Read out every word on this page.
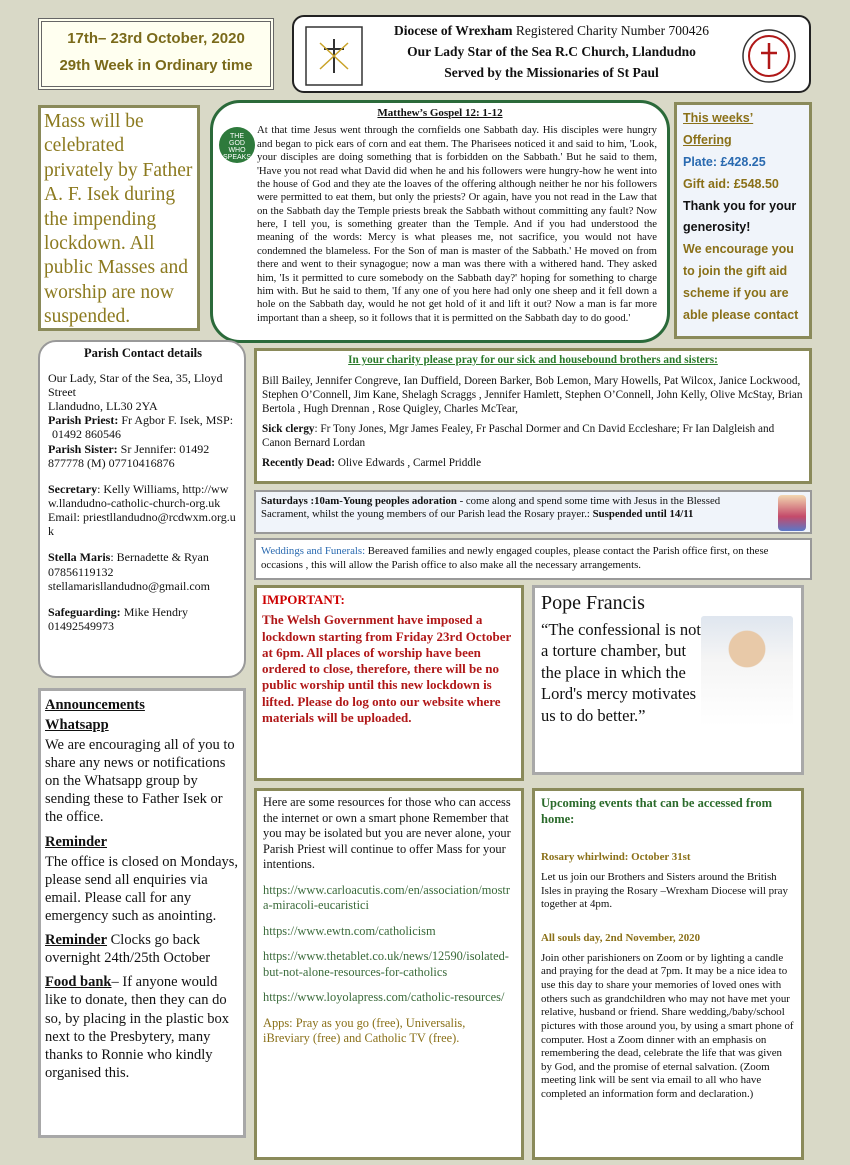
17th– 23rd October, 2020
29th Week in Ordinary time
Diocese of Wrexham Registered Charity Number 700426
Our Lady Star of the Sea R.C Church, Llandudno
Served by the Missionaries of St Paul

Mass will be celebrated privately by Father A. F. Isek during the impending lockdown. All public Masses and worship are now suspended.

THE
GOD
WHO
SPEAKS
Matthew’s Gospel 12: 1-12

At that time Jesus went through the cornfields one Sabbath day. His disciples were hungry and began to pick ears of corn and eat them. The Pharisees noticed it and said to him, 'Look, your disciples are doing something that is forbidden on the Sabbath.' But he said to them, 'Have you not read what David did when he and his followers were hungry-how he went into the house of God and they ate the loaves of the offering although neither he nor his followers were permitted to eat them, but only the priests? Or again, have you not read in the Law that on the Sabbath day the Temple priests break the Sabbath without committing any fault? Now here, I tell you, is something greater than the Temple. And if you had understood the meaning of the words: Mercy is what pleases me, not sacrifice, you would not have condemned the blameless. For the Son of man is master of the Sabbath.' He moved on from there and went to their synagogue; now a man was there with a withered hand. They asked him, 'Is it permitted to cure somebody on the Sabbath day?' hoping for something to charge him with. But he said to them, 'If any one of you here had only one sheep and it fell down a hole on the Sabbath day, would he not get hold of it and lift it out? Now a man is far more important than a sheep, so it follows that it is permitted on the Sabbath day to do good.'

This weeks’ Offering
Plate: £428.25
Gift aid: £548.50
Thank you for your generosity!
We encourage you to join the gift aid scheme if you are able please contact
Parish Contact details
Our Lady, Star of the Sea, 35, Lloyd Street
Llandudno, LL30 2YA
Parish Priest: Fr Agbor F. Isek, MSP:
01492 860546
Parish Sister: Sr Jennifer: 01492 877778 (M) 07710416876
Secretary: Kelly Williams, http://www.llandudno-catholic-church-org.uk
Email: priestllandudno@rcdwxm.org.uk
Stella Maris: Bernadette & Ryan 07856119132
stellamarisllandudno@gmail.com
Safeguarding: Mike Hendry 01492549973
In your charity please pray for our sick and housebound brothers and sisters:

Bill Bailey, Jennifer Congreve, Ian Duffield, Doreen Barker, Bob Lemon, Mary Howells, Pat Wilcox, Janice Lockwood, Stephen O’Connell, Jim Kane, Shelagh Scraggs , Jennifer Hamlett, Stephen O’Connell, John Kelly, Olive McStay, Brian Bertola , Hugh Drennan , Rose Quigley, Charles McTear,

Sick clergy: Fr Tony Jones, Mgr James Fealey, Fr Paschal Dormer and Cn David Eccleshare; Fr Ian Dalgleish and Canon Bernard Lordan

Recently Dead: Olive Edwards , Carmel Priddle

Saturdays :10am-Young peoples adoration - come along and spend some time with Jesus in the Blessed Sacrament, whilst the young members of our Parish lead the Rosary prayer.: Suspended until 14/11
Weddings and Funerals: Bereaved families and newly engaged couples, please contact the Parish office first, on these occasions , this will allow the Parish office to also make all the necessary arrangements.
IMPORTANT:

The Welsh Government have imposed a lockdown starting from Friday 23rd October at 6pm. All places of worship have been ordered to close, therefore, there will be no public worship until this new lockdown is lifted. Please do log onto our website where materials will be uploaded.

Pope Francis

“The confessional is not a torture chamber, but the place in which the Lord's mercy motivates us to do better.”

Announcements
Whatsapp

We are encouraging all of you to share any news or notifications on the Whatsapp group by sending these to Father Isek or the office.

Reminder

The office is closed on Mondays, please send all enquiries via email. Please call for any emergency such as anointing.

Reminder Clocks go back overnight 24th/25th October

Food bank– If anyone would like to donate, then they can do so, by placing in the plastic box next to the Presbytery, many thanks to Ronnie who kindly organised this.

Here are some resources for those who can access the internet or own a smart phone Remember that you may be isolated but you are never alone, your Parish Priest will continue to offer Mass for your intentions.

https://www.carloacutis.com/en/association/mostra-miracoli-eucaristici

https://www.ewtn.com/catholicism

https://www.thetablet.co.uk/news/12590/isolated-but-not-alone-resources-for-catholics

https://www.loyolapress.com/catholic-resources/

Apps: Pray as you go (free), Universalis, iBreviary (free) and Catholic TV (free).

Upcoming events that can be accessed from home:
Rosary whirlwind: October 31st

Let us join our Brothers and Sisters around the British Isles in praying the Rosary –Wrexham Diocese will pray together at 4pm.

All souls day, 2nd November, 2020

Join other parishioners on Zoom or by lighting a candle and praying for the dead at 7pm. It may be a nice idea to use this day to share your memories of loved ones with others such as grandchildren who may not have met your relative, husband or friend. Share wedding,/baby/school pictures with those around you, by using a smart phone of computer. Host a Zoom dinner with an emphasis on remembering the dead, celebrate the life that was given by God, and the promise of eternal salvation. (Zoom meeting link will be sent via email to all who have completed an information form and declaration.)
